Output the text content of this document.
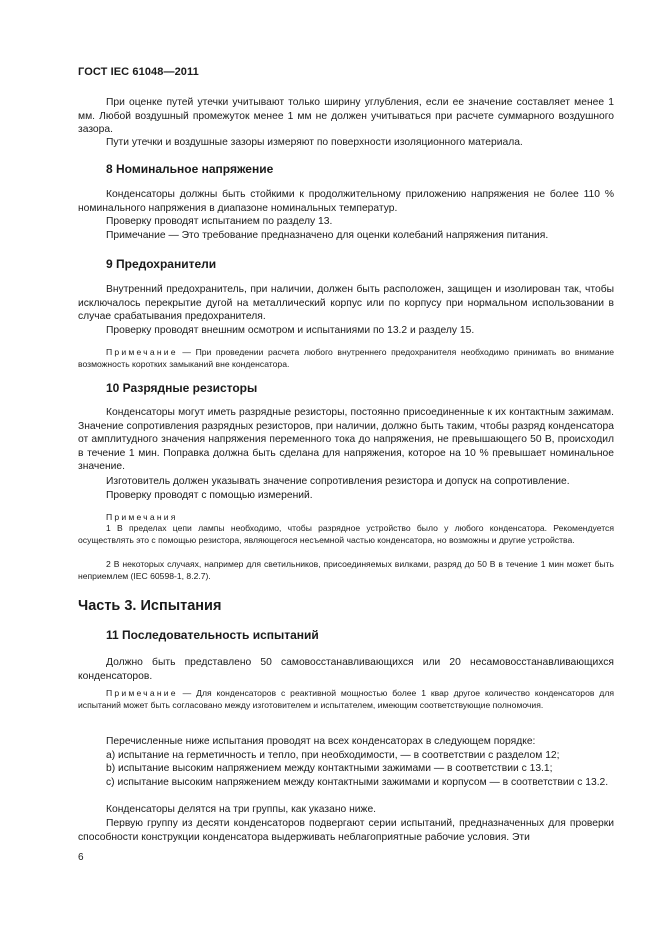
ГОСТ IEC 61048—2011

При оценке путей утечки учитывают только ширину углубления, если ее значение составляет менее 1 мм. Любой воздушный промежуток менее 1 мм не должен учитываться при расчете суммарного воздушного зазора.

Пути утечки и воздушные зазоры измеряют по поверхности изоляционного материала.

8 Номинальное напряжение

Конденсаторы должны быть стойкими к продолжительному приложению напряжения не более 110 % номинального напряжения в диапазоне номинальных температур.

Проверку проводят испытанием по разделу 13.

Примечание — Это требование предназначено для оценки колебаний напряжения питания.

9 Предохранители

Внутренний предохранитель, при наличии, должен быть расположен, защищен и изолирован так, чтобы исключалось перекрытие дугой на металлический корпус или по корпусу при нормальном использовании в случае срабатывания предохранителя.

Проверку проводят внешним осмотром и испытаниями по 13.2 и разделу 15.

Примечание — При проведении расчета любого внутреннего предохранителя необходимо принимать во внимание возможность коротких замыканий вне конденсатора.

10 Разрядные резисторы

Конденсаторы могут иметь разрядные резисторы, постоянно присоединенные к их контактным зажимам. Значение сопротивления разрядных резисторов, при наличии, должно быть таким, чтобы разряд конденсатора от амплитудного значения напряжения переменного тока до напряжения, не превышающего 50 В, происходил в течение 1 мин. Поправка должна быть сделана для напряжения, которое на 10 % превышает номинальное значение.

Изготовитель должен указывать значение сопротивления резистора и допуск на сопротивление.

Проверку проводят с помощью измерений.

Примечания

1 В пределах цепи лампы необходимо, чтобы разрядное устройство было у любого конденсатора. Рекомендуется осуществлять это с помощью резистора, являющегося несъемной частью конденсатора, но возможны и другие устройства.

2 В некоторых случаях, например для светильников, присоединяемых вилками, разряд до 50 В в течение 1 мин может быть неприемлем (IEC 60598-1, 8.2.7).

Часть 3. Испытания
11 Последовательность испытаний

Должно быть представлено 50 самовосстанавливающихся или 20 несамовосстанавливающихся конденсаторов.

Примечание — Для конденсаторов с реактивной мощностью более 1 квар другое количество конденсаторов для испытаний может быть согласовано между изготовителем и испытателем, имеющим соответствующие полномочия.

Перечисленные ниже испытания проводят на всех конденсаторах в следующем порядке:

a) испытание на герметичность и тепло, при необходимости, — в соответствии с разделом 12;

b) испытание высоким напряжением между контактными зажимами — в соответствии с 13.1;

c) испытание высоким напряжением между контактными зажимами и корпусом — в соответствии с 13.2.

Конденсаторы делятся на три группы, как указано ниже.

Первую группу из десяти конденсаторов подвергают серии испытаний, предназначенных для проверки способности конструкции конденсатора выдерживать неблагоприятные рабочие условия. Эти

6
